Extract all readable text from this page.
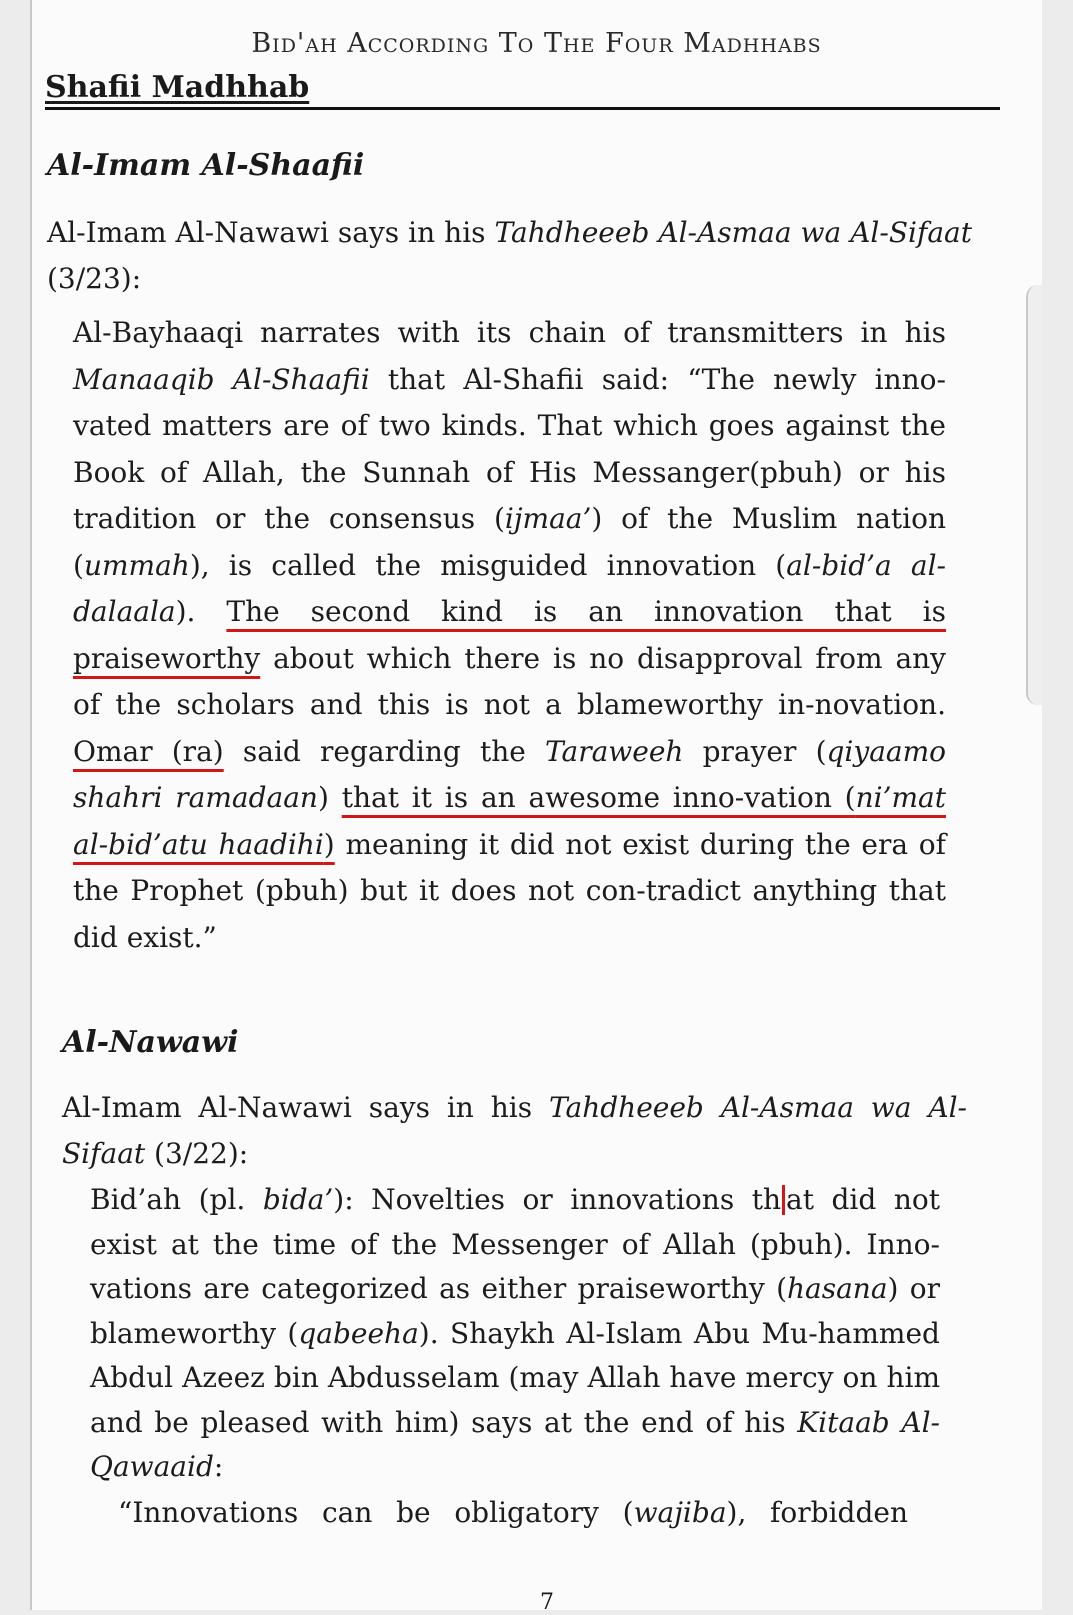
Bid'ah According To The Four Madhhabs
Shafii Madhhab
Al-Imam Al-Shaafii
Al-Imam Al-Nawawi says in his Tahdheeeb Al-Asmaa wa Al-Sifaat (3/23):
Al-Bayhaaqi narrates with its chain of transmitters in his Manaaqib Al-Shaafii that Al-Shafii said: “The newly inno-vated matters are of two kinds. That which goes against the Book of Allah, the Sunnah of His Messanger(pbuh) or his tradition or the consensus (ijmaa’) of the Muslim nation (ummah), is called the misguided innovation (al-bid’a al-dalaala). The second kind is an innovation that is praiseworthy about which there is no disapproval from any of the scholars and this is not a blameworthy in-novation. Omar (ra) said regarding the Taraweeh prayer (qiyaamo shahri ramadaan) that it is an awesome inno-vation (ni’mat al-bid’atu haadihi) meaning it did not exist during the era of the Prophet (pbuh) but it does not con-tradict anything that did exist.”
Al-Nawawi
Al-Imam Al-Nawawi says in his Tahdheeeb Al-Asmaa wa Al-Sifaat (3/22):
Bid’ah (pl. bida’): Novelties or innovations th at did not exist at the time of the Messenger of Allah (pbuh). Inno-vations are categorized as either praiseworthy (hasana) or blameworthy (qabeeha). Shaykh Al-Islam Abu Mu-hammed Abdul Azeez bin Abdusselam (may Allah have mercy on him and be pleased with him) says at the end of his Kitaab Al-Qawaaid:
“Innovations can be obligatory (wajiba), forbidden
7
